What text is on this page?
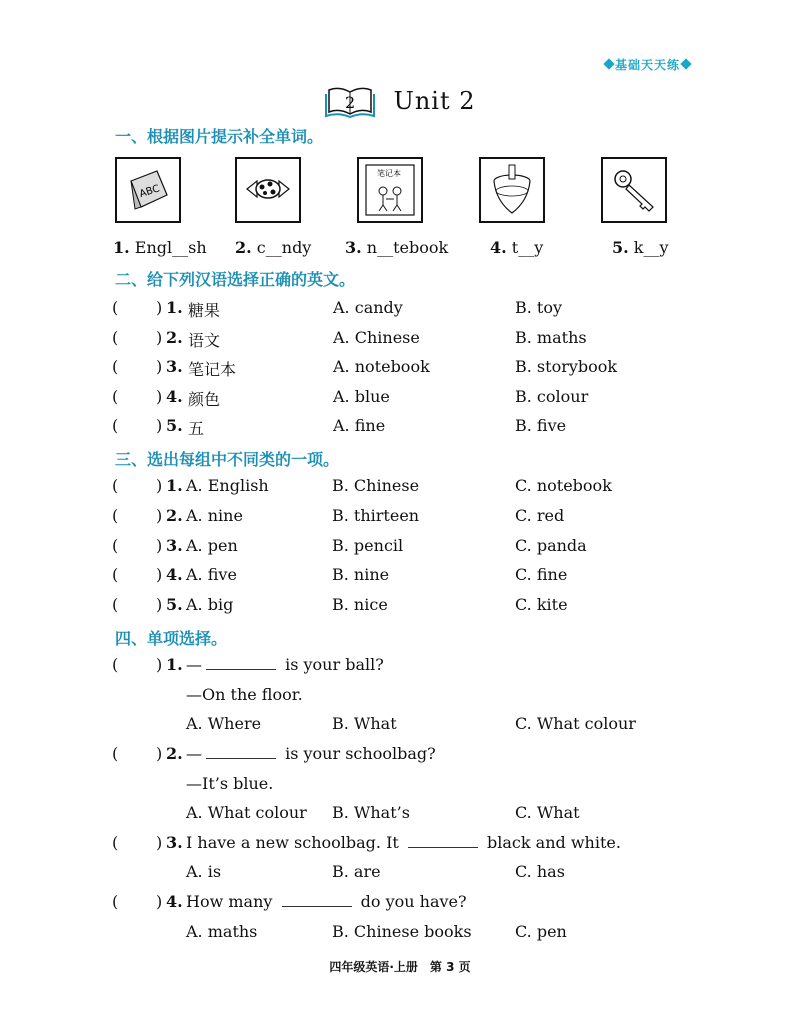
基础天天练
2 Unit 2
一、根据图片提示补全单词。
ABC
笔记本
1. Engl__sh 2. c__ndy 3. n__tebook	4. t__y	5. k__y
二、给下列汉语选择正确的英文。
( ) 1. 糖果	A. candy	B. toy
( ) 2. 语文	A. Chinese	B. maths
( ) 3. 笔记本	A. notebook	B. storybook
( ) 4. 颜色	A. blue	B. colour
( ) 5. 五	A. fine	B. five
三、选出每组中不同类的一项。
( ) 1. A. English	B. Chinese	C. notebook
( ) 2. A. nine	B. thirteen	C. red
( ) 3. A. pen	B. pencil	C. panda
( ) 4. A. five	B. nine	C. fine
( ) 5. A. big	B. nice	C. kite
四、单项选择。
( ) 1. —	is your ball?
—On the floor.
A. Where	B. What	C. What colour
( ) 2. —	is your schoolbag?
—It’s blue.
A. What colour B. What’s	C. What
( ) 3. I have a new schoolbag. It	black and white.
A. is	B. are	C. has
( ) 4. How many	do you have?
A. maths	B. Chinese books	C. pen
四年级英语·上册　第 3 页
